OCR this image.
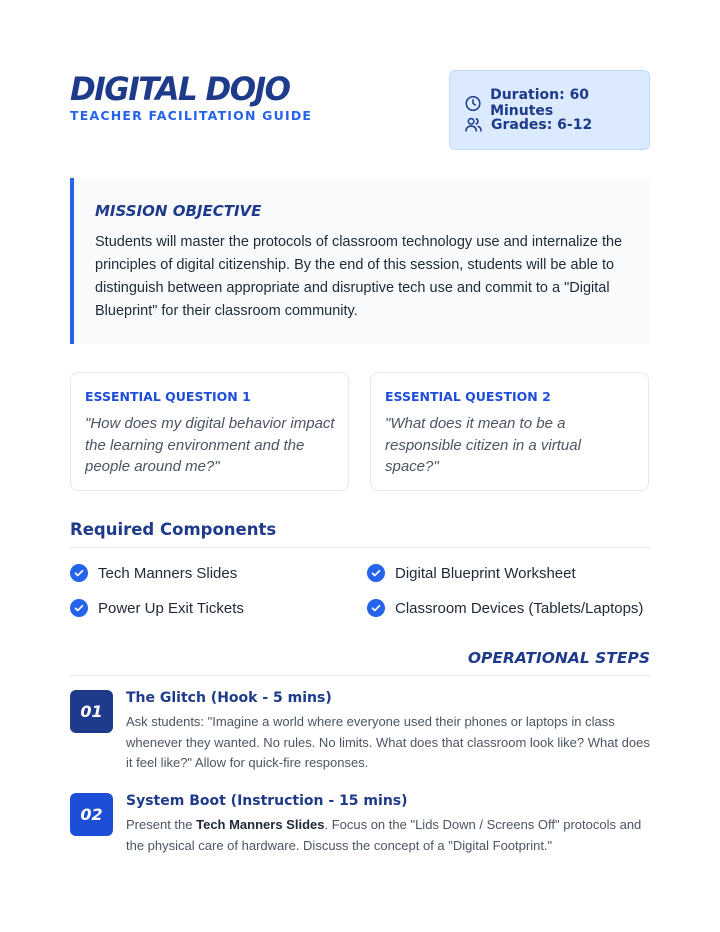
DIGITAL DOJO
TEACHER FACILITATION GUIDE
Duration: 60 Minutes
Grades: 6-12
MISSION OBJECTIVE
Students will master the protocols of classroom technology use and internalize the principles of digital citizenship. By the end of this session, students will be able to distinguish between appropriate and disruptive tech use and commit to a "Digital Blueprint" for their classroom community.
ESSENTIAL QUESTION 1
"How does my digital behavior impact the learning environment and the people around me?"
ESSENTIAL QUESTION 2
"What does it mean to be a responsible citizen in a virtual space?"
Required Components
Tech Manners Slides	Digital Blueprint Worksheet
Power Up Exit Tickets	Classroom Devices (Tablets/Laptops)
OPERATIONAL STEPS
01
The Glitch (Hook - 5 mins)
Ask students: "Imagine a world where everyone used their phones or laptops in class whenever they wanted. No rules. No limits. What does that classroom look like? What does it feel like?" Allow for quick-fire responses.
02
System Boot (Instruction - 15 mins)
Present the Tech Manners Slides. Focus on the "Lids Down / Screens Off" protocols and the physical care of hardware. Discuss the concept of a "Digital Footprint."
